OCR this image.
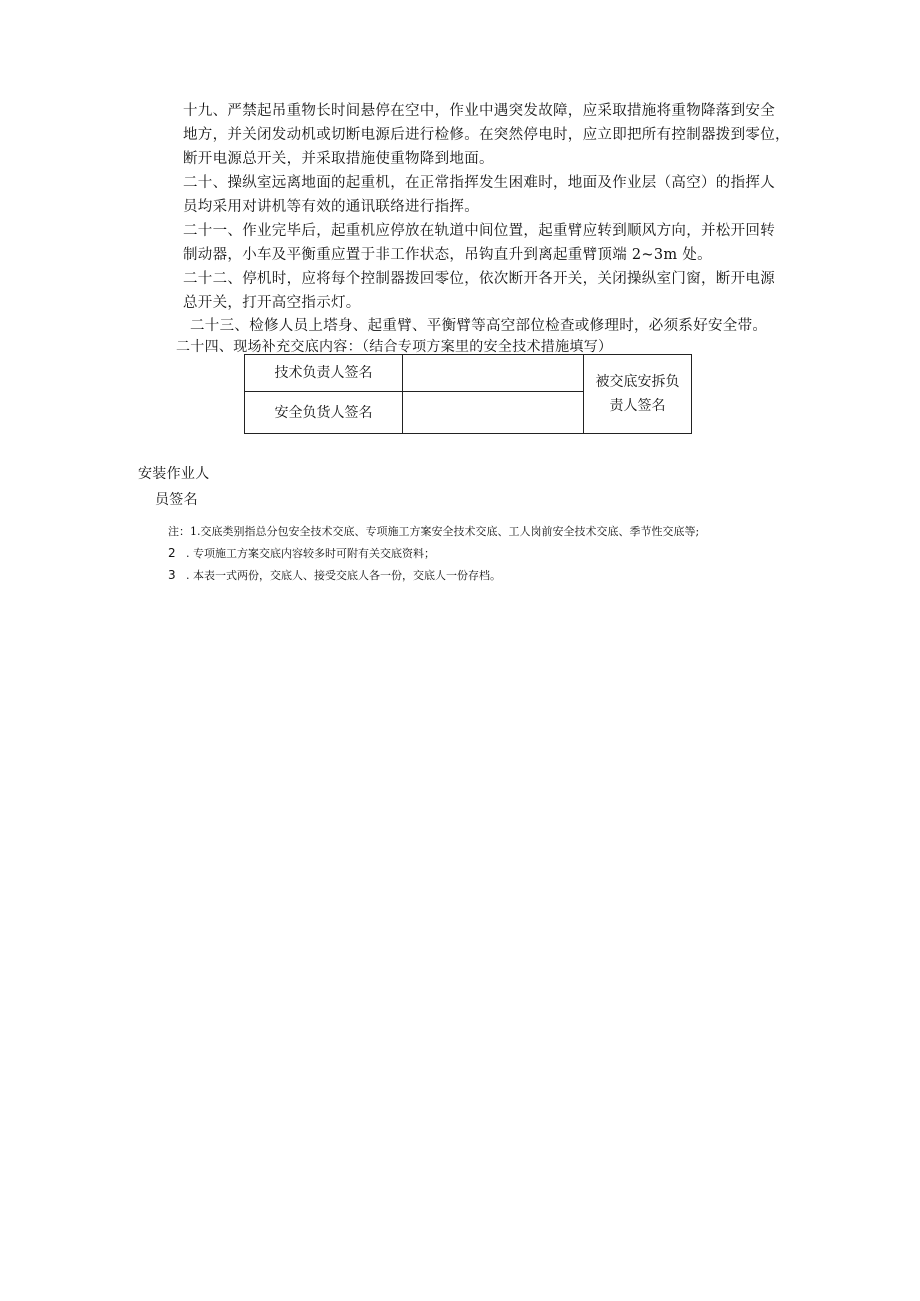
十九、严禁起吊重物长时间悬停在空中，作业中遇突发故障，应采取措施将重物降落到安全
地方，并关闭发动机或切断电源后进行检修。在突然停电时，应立即把所有控制器拨到零位，
断开电源总开关，并采取措施使重物降到地面。
二十、操纵室远离地面的起重机，在正常指挥发生困难时，地面及作业层（高空）的指挥人
员均采用对讲机等有效的通讯联络进行指挥。
二十一、作业完毕后，起重机应停放在轨道中间位置，起重臂应转到顺风方向，并松开回转
制动器，小车及平衡重应置于非工作状态，吊钩直升到离起重臂顶端 2~3m 处。
二十二、停机时，应将每个控制器拨回零位，依次断开各开关，关闭操纵室门窗，断开电源
总开关，打开高空指示灯。
二十三、检修人员上塔身、起重臂、平衡臂等高空部位检查或修理时，必须系好安全带。
二十四、现场补充交底内容：（结合专项方案里的安全技术措施填写）
技术负责人签名		被交底安拆负
责人签名
安全负货人签名		
安装作业人
员签名
注：1.交底类别指总分包安全技术交底、专项施工方案安全技术交底、工人岗前安全技术交底、季节性交底等;
2 . 专项施工方案交底内容较多时可附有关交底资料；
3 . 本表一式两份，交底人、接受交底人各一份，交底人一份存档。
